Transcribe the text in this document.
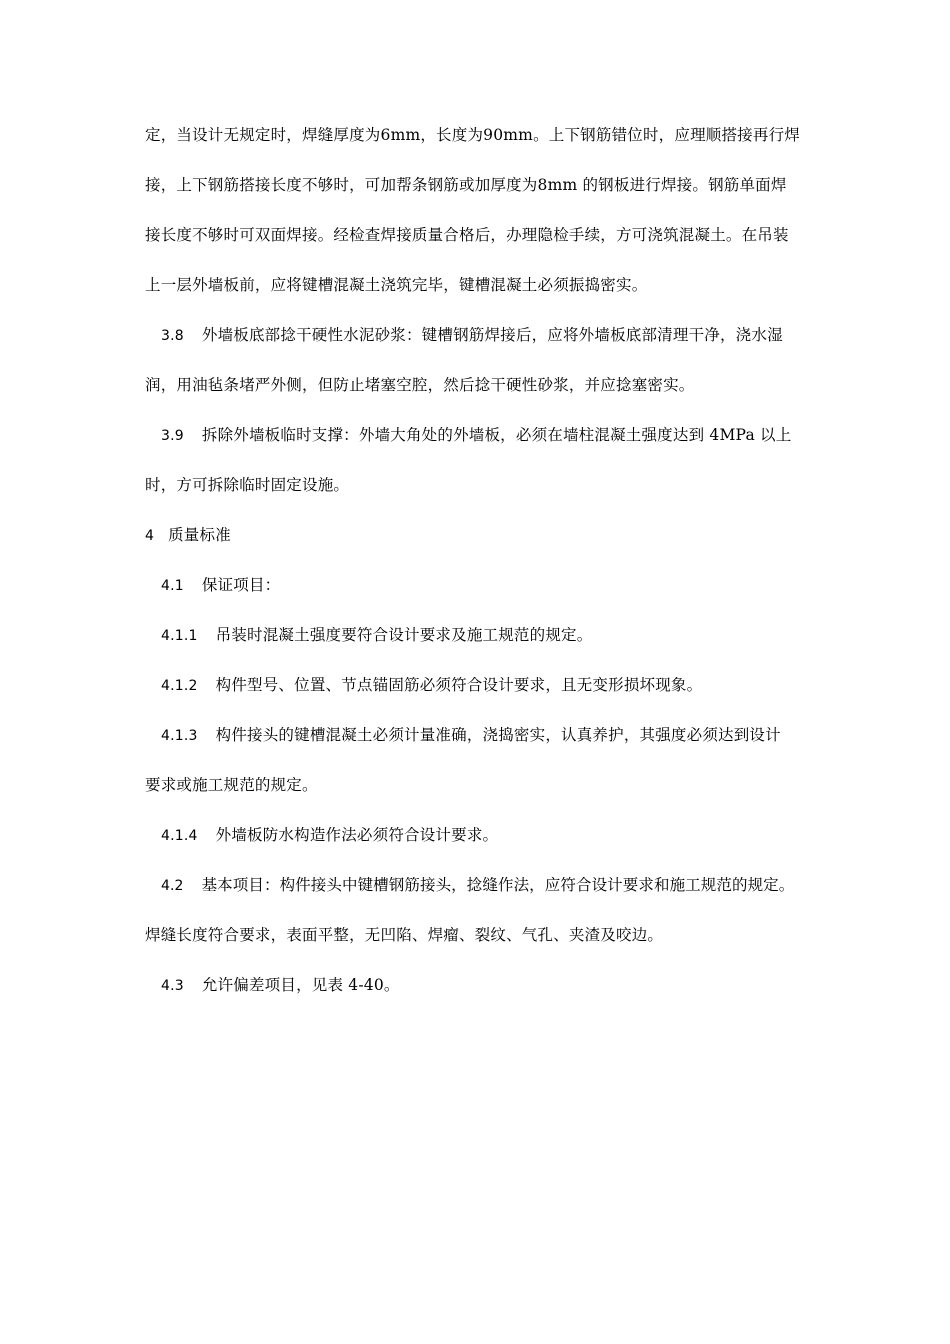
定，当设计无规定时，焊缝厚度为6mm，长度为90mm。上下钢筋错位时，应理顺搭接再行焊
接，上下钢筋搭接长度不够时，可加帮条钢筋或加厚度为8mm 的钢板进行焊接。钢筋单面焊
接长度不够时可双面焊接。经检查焊接质量合格后，办理隐检手续，方可浇筑混凝土。在吊装
上一层外墙板前，应将键槽混凝土浇筑完毕，键槽混凝土必须振捣密实。
3.8 外墙板底部捻干硬性水泥砂浆：键槽钢筋焊接后，应将外墙板底部清理干净，浇水湿
润，用油毡条堵严外侧，但防止堵塞空腔，然后捻干硬性砂浆，并应捻塞密实。
3.9 拆除外墙板临时支撑：外墙大角处的外墙板，必须在墙柱混凝土强度达到 4MPa 以上
时，方可拆除临时固定设施。
4 质量标准
4.1 保证项目：
4.1.1 吊装时混凝土强度要符合设计要求及施工规范的规定。
4.1.2 构件型号、位置、节点锚固筋必须符合设计要求，且无变形损坏现象。
4.1.3 构件接头的键槽混凝土必须计量准确，浇捣密实，认真养护，其强度必须达到设计
要求或施工规范的规定。
4.1.4 外墙板防水构造作法必须符合设计要求。
4.2 基本项目：构件接头中键槽钢筋接头，捻缝作法，应符合设计要求和施工规范的规定。
焊缝长度符合要求，表面平整，无凹陷、焊瘤、裂纹、气孔、夹渣及咬边。
4.3 允许偏差项目，见表 4-40。
